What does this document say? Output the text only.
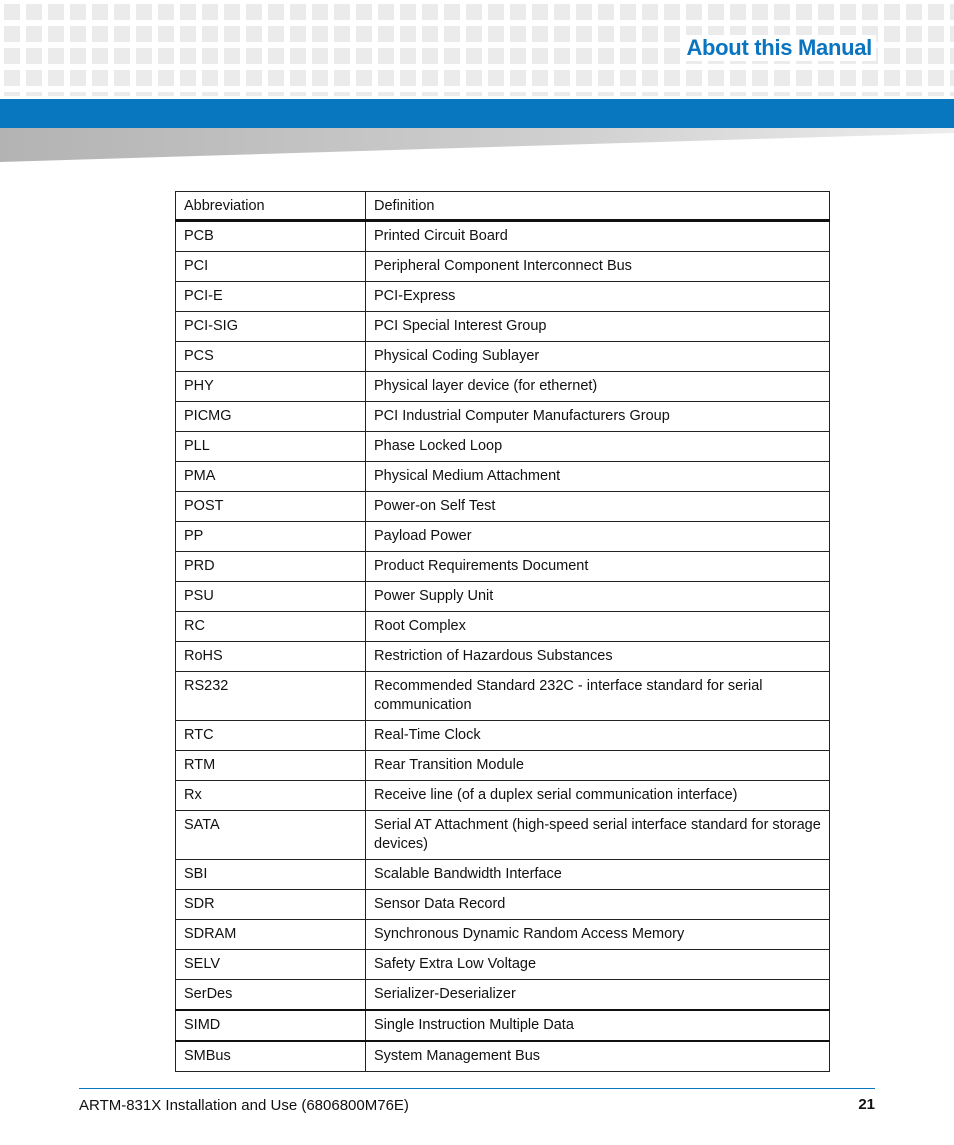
About this Manual
Abbreviation	Definition
PCB	Printed Circuit Board
PCI	Peripheral Component Interconnect Bus
PCI-E	PCI-Express
PCI-SIG	PCI Special Interest Group
PCS	Physical Coding Sublayer
PHY	Physical layer device (for ethernet)
PICMG	PCI Industrial Computer Manufacturers Group
PLL	Phase Locked Loop
PMA	Physical Medium Attachment
POST	Power-on Self Test
PP	Payload Power
PRD	Product Requirements Document
PSU	Power Supply Unit
RC	Root Complex
RoHS	Restriction of Hazardous Substances
RS232	Recommended Standard 232C - interface standard for serial communication
RTC	Real-Time Clock
RTM	Rear Transition Module
Rx	Receive line (of a duplex serial communication interface)
SATA	Serial AT Attachment (high-speed serial interface standard for storage devices)
SBI	Scalable Bandwidth Interface
SDR	Sensor Data Record
SDRAM	Synchronous Dynamic Random Access Memory
SELV	Safety Extra Low Voltage
SerDes	Serializer-Deserializer
SIMD	Single Instruction Multiple Data
SMBus	System Management Bus
ARTM-831X Installation and Use (6806800M76E)	21
